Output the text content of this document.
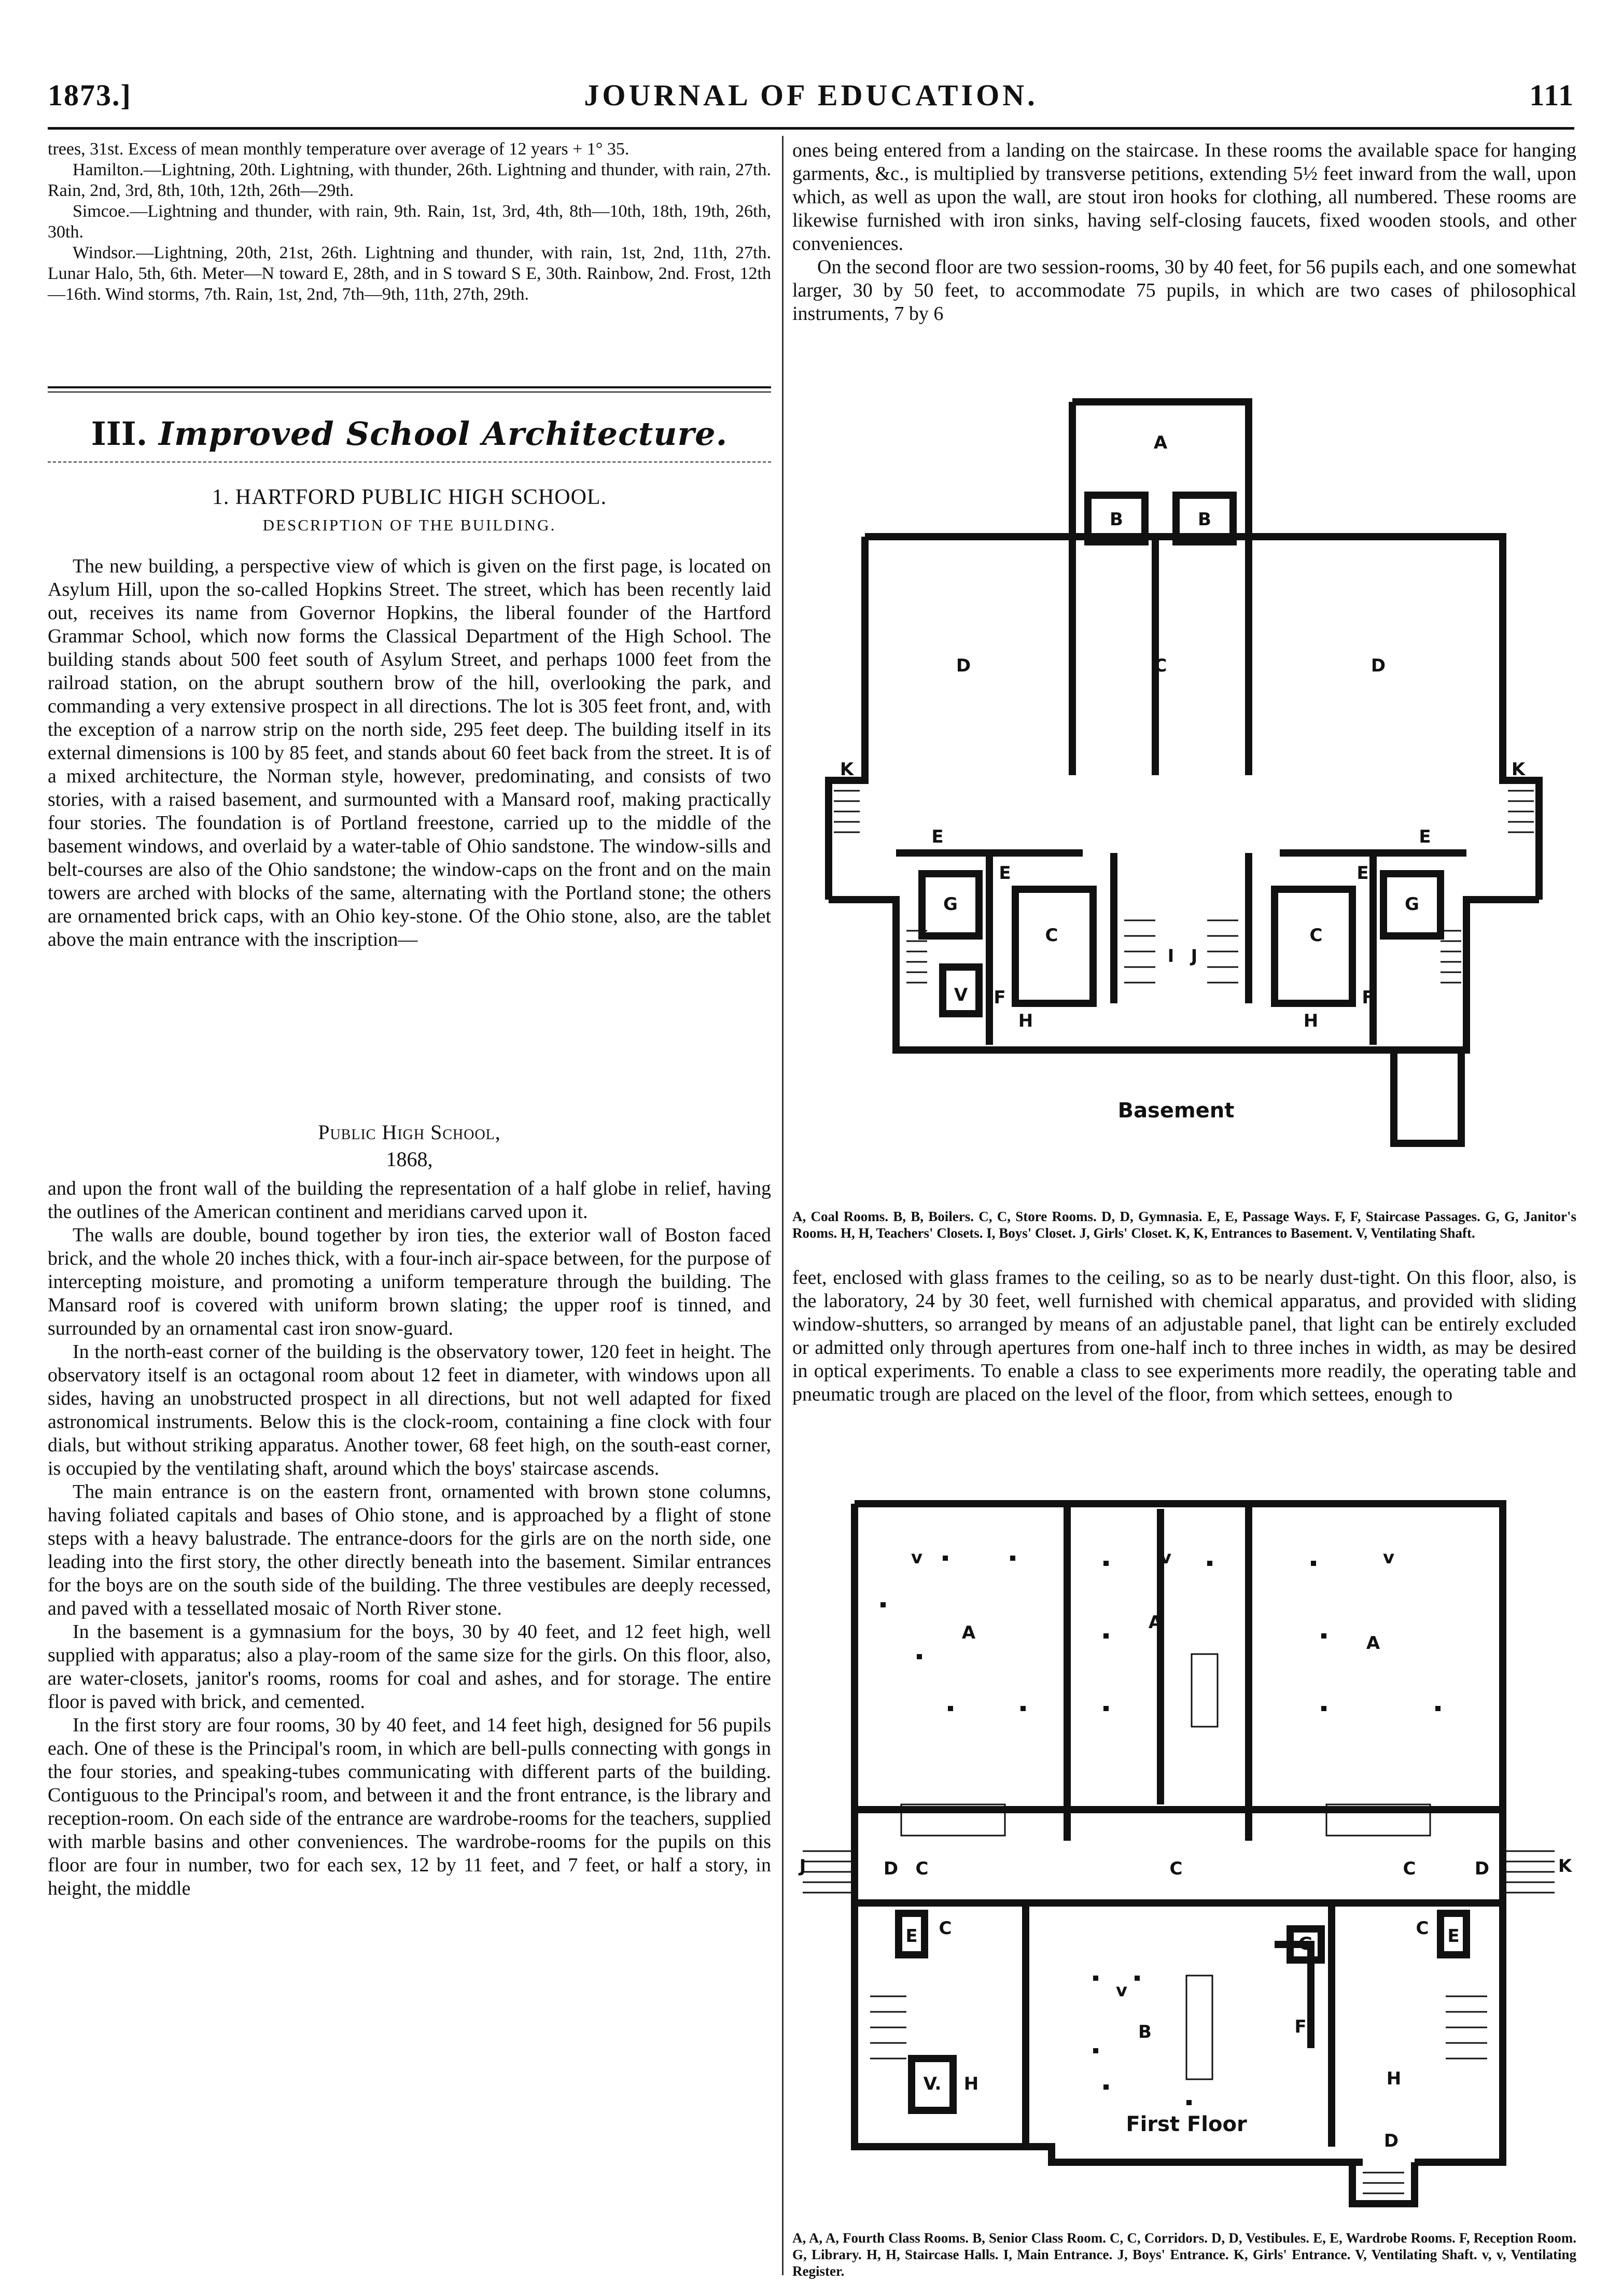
1873.]	JOURNAL OF EDUCATION.	111

trees, 31st. Excess of mean monthly temperature over average of 12 years + 1° 35.

Hamilton.—Lightning, 20th. Lightning, with thunder, 26th. Lightning and thunder, with rain, 27th. Rain, 2nd, 3rd, 8th, 10th, 12th, 26th—29th.

Simcoe.—Lightning and thunder, with rain, 9th. Rain, 1st, 3rd, 4th, 8th—10th, 18th, 19th, 26th, 30th.

Windsor.—Lightning, 20th, 21st, 26th. Lightning and thunder, with rain, 1st, 2nd, 11th, 27th. Lunar Halo, 5th, 6th. Meter—N toward E, 28th, and in S toward S E, 30th. Rainbow, 2nd. Frost, 12th—16th. Wind storms, 7th. Rain, 1st, 2nd, 7th—9th, 11th, 27th, 29th.

III. Improved School Architecture.
1. HARTFORD PUBLIC HIGH SCHOOL.
DESCRIPTION OF THE BUILDING.

The new building, a perspective view of which is given on the first page, is located on Asylum Hill, upon the so-called Hopkins Street. The street, which has been recently laid out, receives its name from Governor Hopkins, the liberal founder of the Hartford Grammar School, which now forms the Classical Department of the High School. The building stands about 500 feet south of Asylum Street, and perhaps 1000 feet from the railroad station, on the abrupt southern brow of the hill, overlooking the park, and commanding a very extensive prospect in all directions. The lot is 305 feet front, and, with the exception of a narrow strip on the north side, 295 feet deep. The building itself in its external dimensions is 100 by 85 feet, and stands about 60 feet back from the street. It is of a mixed architecture, the Norman style, however, predominating, and consists of two stories, with a raised basement, and surmounted with a Mansard roof, making practically four stories. The foundation is of Portland freestone, carried up to the middle of the basement windows, and overlaid by a water-table of Ohio sandstone. The window-sills and belt-courses are also of the Ohio sandstone; the window-caps on the front and on the main towers are arched with blocks of the same, alternating with the Portland stone; the others are ornamented brick caps, with an Ohio key-stone. Of the Ohio stone, also, are the tablet above the main entrance with the inscription—

Public High School,
1868,

and upon the front wall of the building the representation of a half globe in relief, having the outlines of the American continent and meridians carved upon it.

The walls are double, bound together by iron ties, the exterior wall of Boston faced brick, and the whole 20 inches thick, with a four-inch air-space between, for the purpose of intercepting moisture, and promoting a uniform temperature through the building. The Mansard roof is covered with uniform brown slating; the upper roof is tinned, and surrounded by an ornamental cast iron snow-guard.

In the north-east corner of the building is the observatory tower, 120 feet in height. The observatory itself is an octagonal room about 12 feet in diameter, with windows upon all sides, having an unobstructed prospect in all directions, but not well adapted for fixed astronomical instruments. Below this is the clock-room, containing a fine clock with four dials, but without striking apparatus. Another tower, 68 feet high, on the south-east corner, is occupied by the ventilating shaft, around which the boys' staircase ascends.

The main entrance is on the eastern front, ornamented with brown stone columns, having foliated capitals and bases of Ohio stone, and is approached by a flight of stone steps with a heavy balustrade. The entrance-doors for the girls are on the north side, one leading into the first story, the other directly beneath into the basement. Similar entrances for the boys are on the south side of the building. The three vestibules are deeply recessed, and paved with a tessellated mosaic of North River stone.

In the basement is a gymnasium for the boys, 30 by 40 feet, and 12 feet high, well supplied with apparatus; also a play-room of the same size for the girls. On this floor, also, are water-closets, janitor's rooms, rooms for coal and ashes, and for storage. The entire floor is paved with brick, and cemented.

In the first story are four rooms, 30 by 40 feet, and 14 feet high, designed for 56 pupils each. One of these is the Principal's room, in which are bell-pulls connecting with gongs in the four stories, and speaking-tubes communicating with different parts of the building. Contiguous to the Principal's room, and between it and the front entrance, is the library and reception-room. On each side of the entrance are wardrobe-rooms for the teachers, supplied with marble basins and other conveniences. The wardrobe-rooms for the pupils on this floor are four in number, two for each sex, 12 by 11 feet, and 7 feet, or half a story, in height, the middle

ones being entered from a landing on the staircase. In these rooms the available space for hanging garments, &c., is multiplied by transverse petitions, extending 5½ feet inward from the wall, upon which, as well as upon the wall, are stout iron hooks for clothing, all numbered. These rooms are likewise furnished with iron sinks, having self-closing faucets, fixed wooden stools, and other conveniences.

On the second floor are two session-rooms, 30 by 40 feet, for 56 pupils each, and one somewhat larger, 30 by 50 feet, to accommodate 75 pupils, in which are two cases of philosophical instruments, 7 by 6

A
B	B
D	C	D
K	K
E	E
E	E
G	G
C	C
I J
V F	F
H	H
Basement
A, Coal Rooms. B, B, Boilers. C, C, Store Rooms. D, D, Gymnasia. E, E, Passage Ways. F, F, Staircase Passages. G, G, Janitor's Rooms. H, H, Teachers' Closets. I, Boys' Closet. J, Girls' Closet. K, K, Entrances to Basement. V, Ventilating Shaft.

feet, enclosed with glass frames to the ceiling, so as to be nearly dust-tight. On this floor, also, is the laboratory, 24 by 30 feet, well furnished with chemical apparatus, and provided with sliding window-shutters, so arranged by means of an adjustable panel, that light can be entirely excluded or admitted only through apertures from one-half inch to three inches in width, as may be desired in optical experiments. To enable a class to see experiments more readily, the operating table and pneumatic trough are placed on the level of the floor, from which settees, enough to

v	v	v
A	A
A
J	K
D	D
C	C	C
E	E
C	C
G
v
B	F
V. H	H
D
First Floor
A, A, A, Fourth Class Rooms. B, Senior Class Room. C, C, Corridors. D, D, Vestibules. E, E, Wardrobe Rooms. F, Reception Room. G, Library. H, H, Staircase Halls. I, Main Entrance. J, Boys' Entrance. K, Girls' Entrance. V, Ventilating Shaft. v, v, Ventilating Register.
